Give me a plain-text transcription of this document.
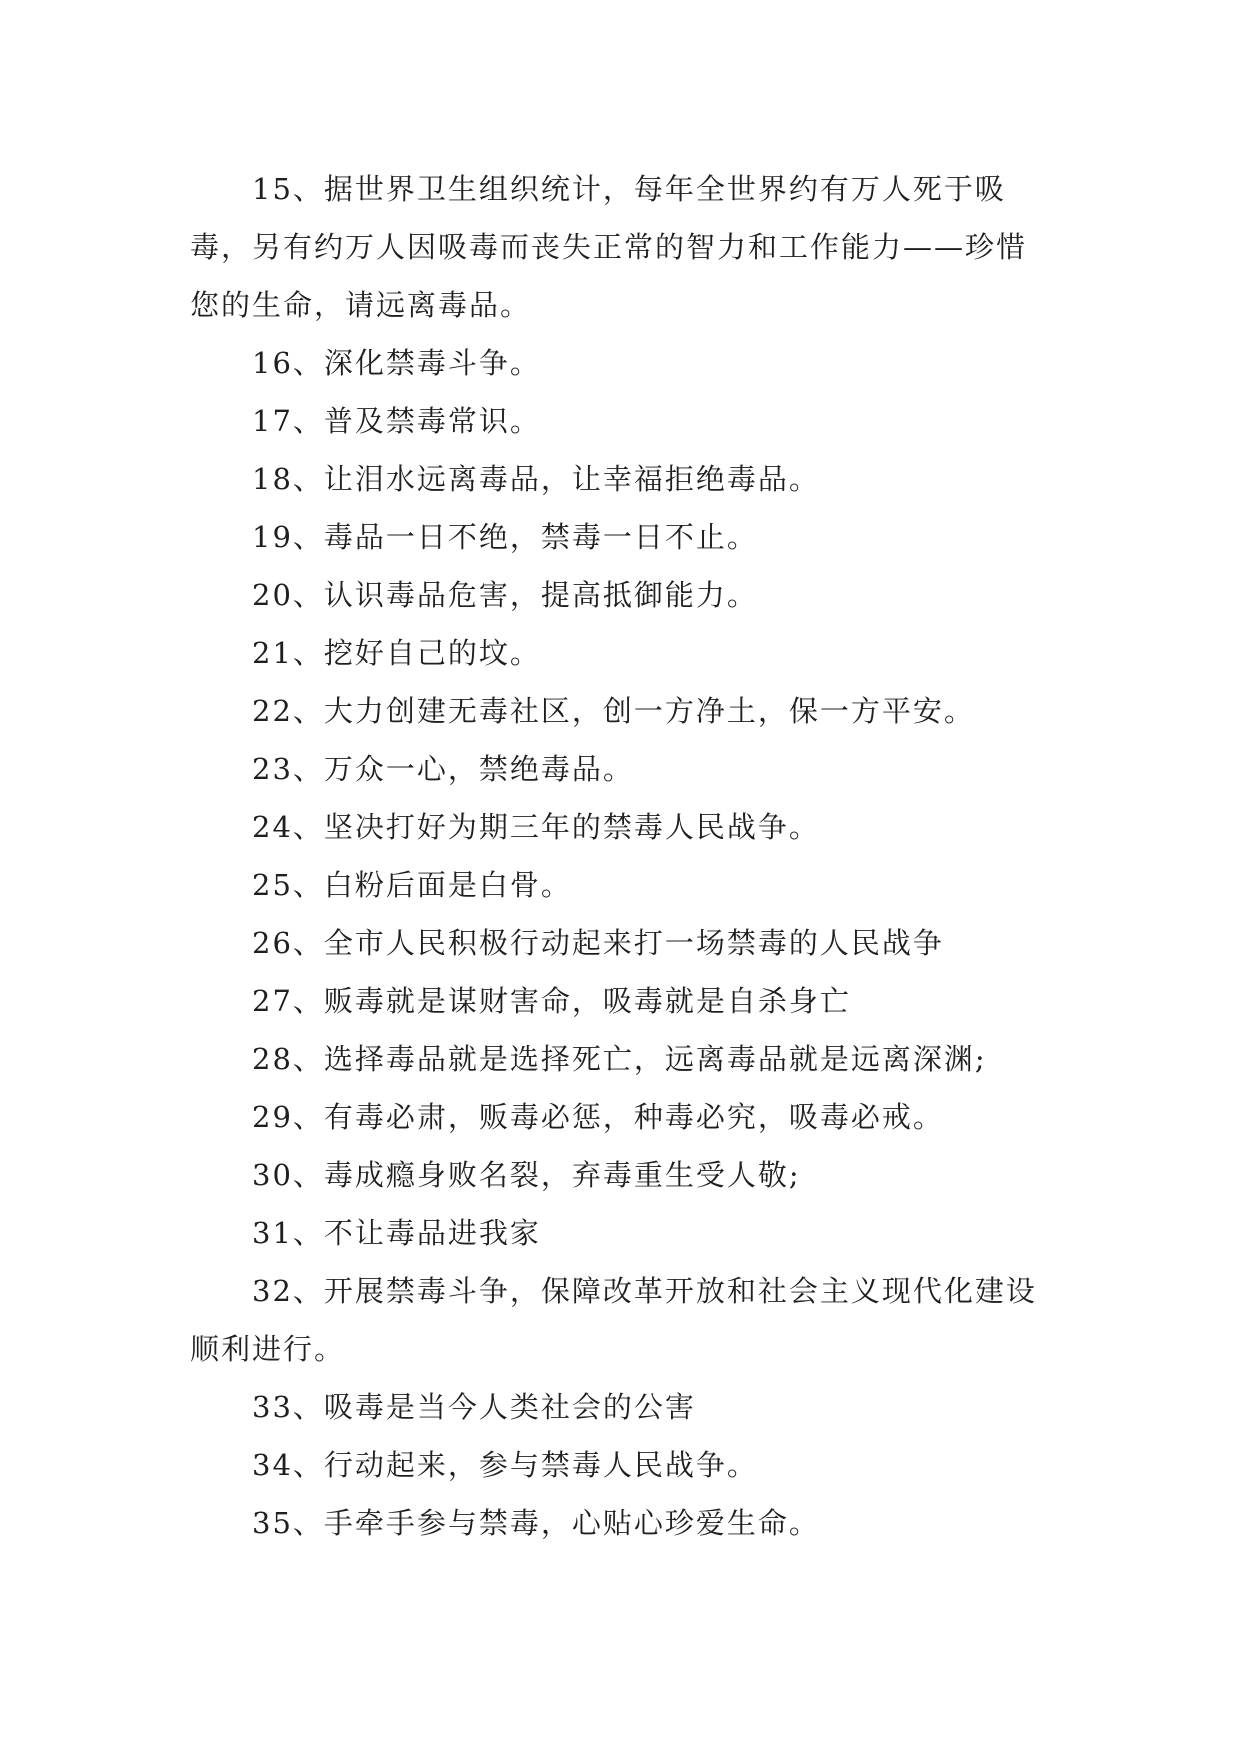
15、据世界卫生组织统计，每年全世界约有万人死于吸毒，另有约万人因吸毒而丧失正常的智力和工作能力——珍惜您的生命，请远离毒品。

16、深化禁毒斗争。

17、普及禁毒常识。

18、让泪水远离毒品，让幸福拒绝毒品。

19、毒品一日不绝，禁毒一日不止。

20、认识毒品危害，提高抵御能力。

21、挖好自己的坟。

22、大力创建无毒社区，创一方净土，保一方平安。

23、万众一心，禁绝毒品。

24、坚决打好为期三年的禁毒人民战争。

25、白粉后面是白骨。

26、全市人民积极行动起来打一场禁毒的人民战争

27、贩毒就是谋财害命，吸毒就是自杀身亡

28、选择毒品就是选择死亡，远离毒品就是远离深渊;

29、有毒必肃，贩毒必惩，种毒必究，吸毒必戒。

30、毒成瘾身败名裂，弃毒重生受人敬;

31、不让毒品进我家

32、开展禁毒斗争，保障改革开放和社会主义现代化建设顺利进行。

33、吸毒是当今人类社会的公害

34、行动起来，参与禁毒人民战争。

35、手牵手参与禁毒，心贴心珍爱生命。
